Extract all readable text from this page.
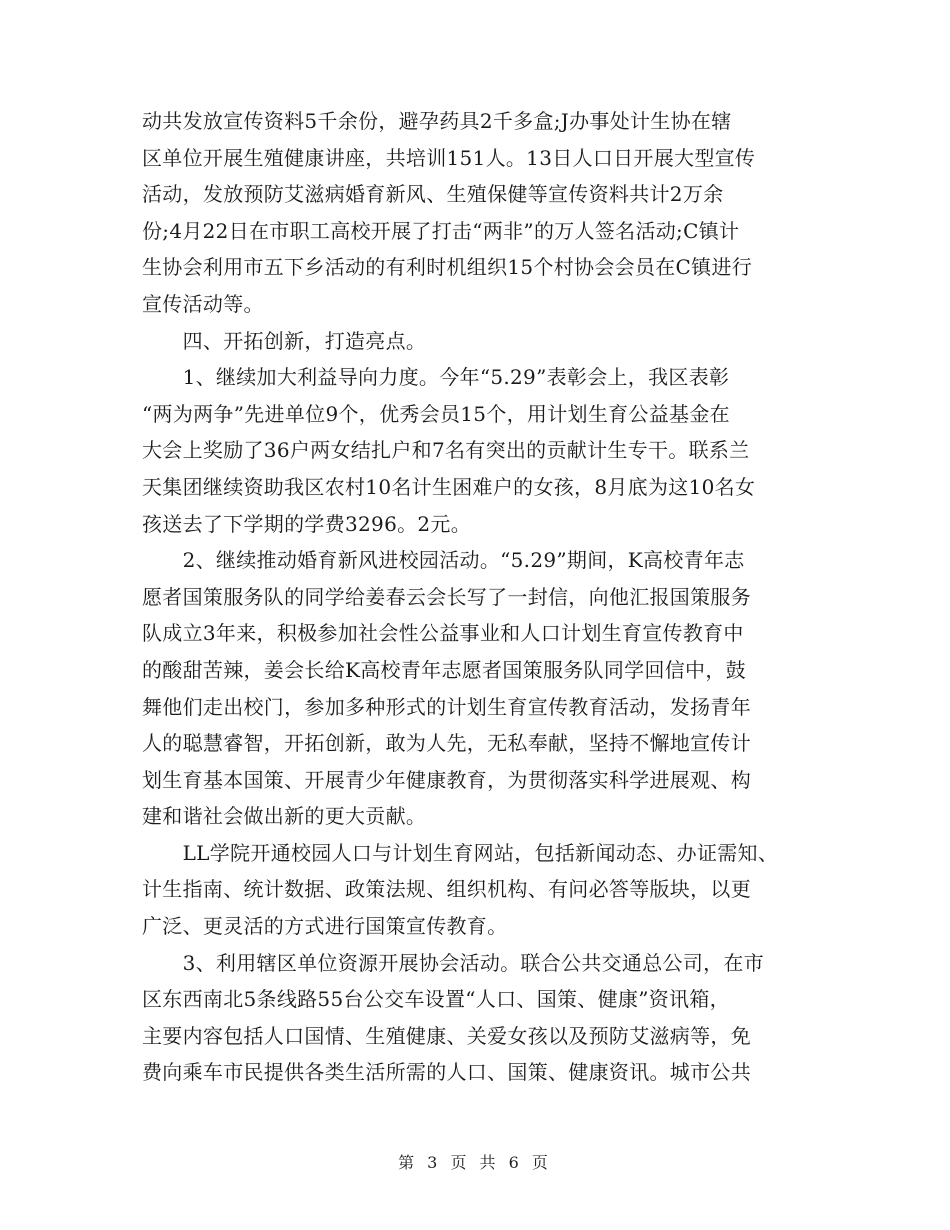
动共发放宣传资料5千余份，避孕药具2千多盒;J办事处计生协在辖
区单位开展生殖健康讲座，共培训151人。13日人口日开展大型宣传
活动，发放预防艾滋病婚育新风、生殖保健等宣传资料共计2万余
份;4月22日在市职工高校开展了打击“两非”的万人签名活动;C镇计
生协会利用市五下乡活动的有利时机组织15个村协会会员在C镇进行
宣传活动等。
　　四、开拓创新，打造亮点。
　　1、继续加大利益导向力度。今年“5.29”表彰会上，我区表彰
“两为两争”先进单位9个，优秀会员15个，用计划生育公益基金在
大会上奖励了36户两女结扎户和7名有突出的贡献计生专干。联系兰
天集团继续资助我区农村10名计生困难户的女孩，8月底为这10名女
孩送去了下学期的学费3296。2元。
　　2、继续推动婚育新风进校园活动。“5.29”期间，K高校青年志
愿者国策服务队的同学给姜春云会长写了一封信，向他汇报国策服务
队成立3年来，积极参加社会性公益事业和人口计划生育宣传教育中
的酸甜苦辣，姜会长给K高校青年志愿者国策服务队同学回信中，鼓
舞他们走出校门，参加多种形式的计划生育宣传教育活动，发扬青年
人的聪慧睿智，开拓创新，敢为人先，无私奉献，坚持不懈地宣传计
划生育基本国策、开展青少年健康教育，为贯彻落实科学进展观、构
建和谐社会做出新的更大贡献。
　　LL学院开通校园人口与计划生育网站，包括新闻动态、办证需知、
计生指南、统计数据、政策法规、组织机构、有问必答等版块，以更
广泛、更灵活的方式进行国策宣传教育。
　　3、利用辖区单位资源开展协会活动。联合公共交通总公司，在市
区东西南北5条线路55台公交车设置“人口、国策、健康”资讯箱，
主要内容包括人口国情、生殖健康、关爱女孩以及预防艾滋病等，免
费向乘车市民提供各类生活所需的人口、国策、健康资讯。城市公共
第 3 页 共 6 页
